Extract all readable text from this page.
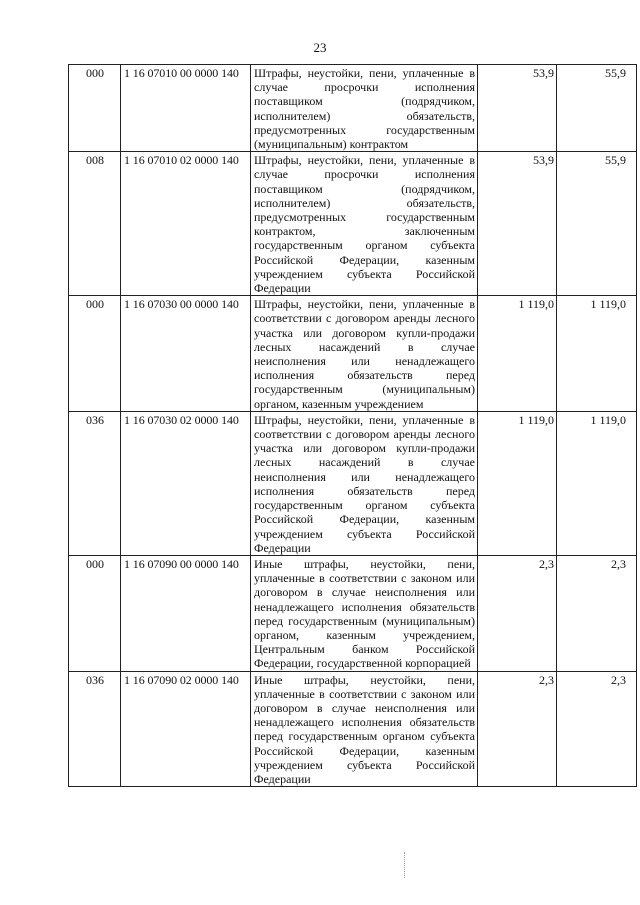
23
000	1 16 07010 00 0000 140	Штрафы, неустойки, пени, уплаченные в случае просрочки исполнения поставщиком (подрядчиком, исполнителем) обязательств, предусмотренных государственным (муниципальным) контрактом	53,9	55,9
008	1 16 07010 02 0000 140	Штрафы, неустойки, пени, уплаченные в случае просрочки исполнения поставщиком (подрядчиком, исполнителем) обязательств, предусмотренных государственным контрактом, заключенным государственным органом субъекта Российской Федерации, казенным учреждением субъекта Российской Федерации	53,9	55,9
000	1 16 07030 00 0000 140	Штрафы, неустойки, пени, уплаченные в соответствии с договором аренды лесного участка или договором купли-продажи лесных насаждений в случае неисполнения или ненадлежащего исполнения обязательств перед государственным (муниципальным) органом, казенным учреждением	1 119,0	1 119,0
036	1 16 07030 02 0000 140	Штрафы, неустойки, пени, уплаченные в соответствии с договором аренды лесного участка или договором купли-продажи лесных насаждений в случае неисполнения или ненадлежащего исполнения обязательств перед государственным органом субъекта Российской Федерации, казенным учреждением субъекта Российской Федерации	1 119,0	1 119,0
000	1 16 07090 00 0000 140	Иные штрафы, неустойки, пени, уплаченные в соответствии с законом или договором в случае неисполнения или ненадлежащего исполнения обязательств перед государственным (муниципальным) органом, казенным учреждением, Центральным банком Российской Федерации, государственной корпорацией	2,3	2,3
036	1 16 07090 02 0000 140	Иные штрафы, неустойки, пени, уплаченные в соответствии с законом или договором в случае неисполнения или ненадлежащего исполнения обязательств перед государственным органом субъекта Российской Федерации, казенным учреждением субъекта Российской Федерации	2,3	2,3
